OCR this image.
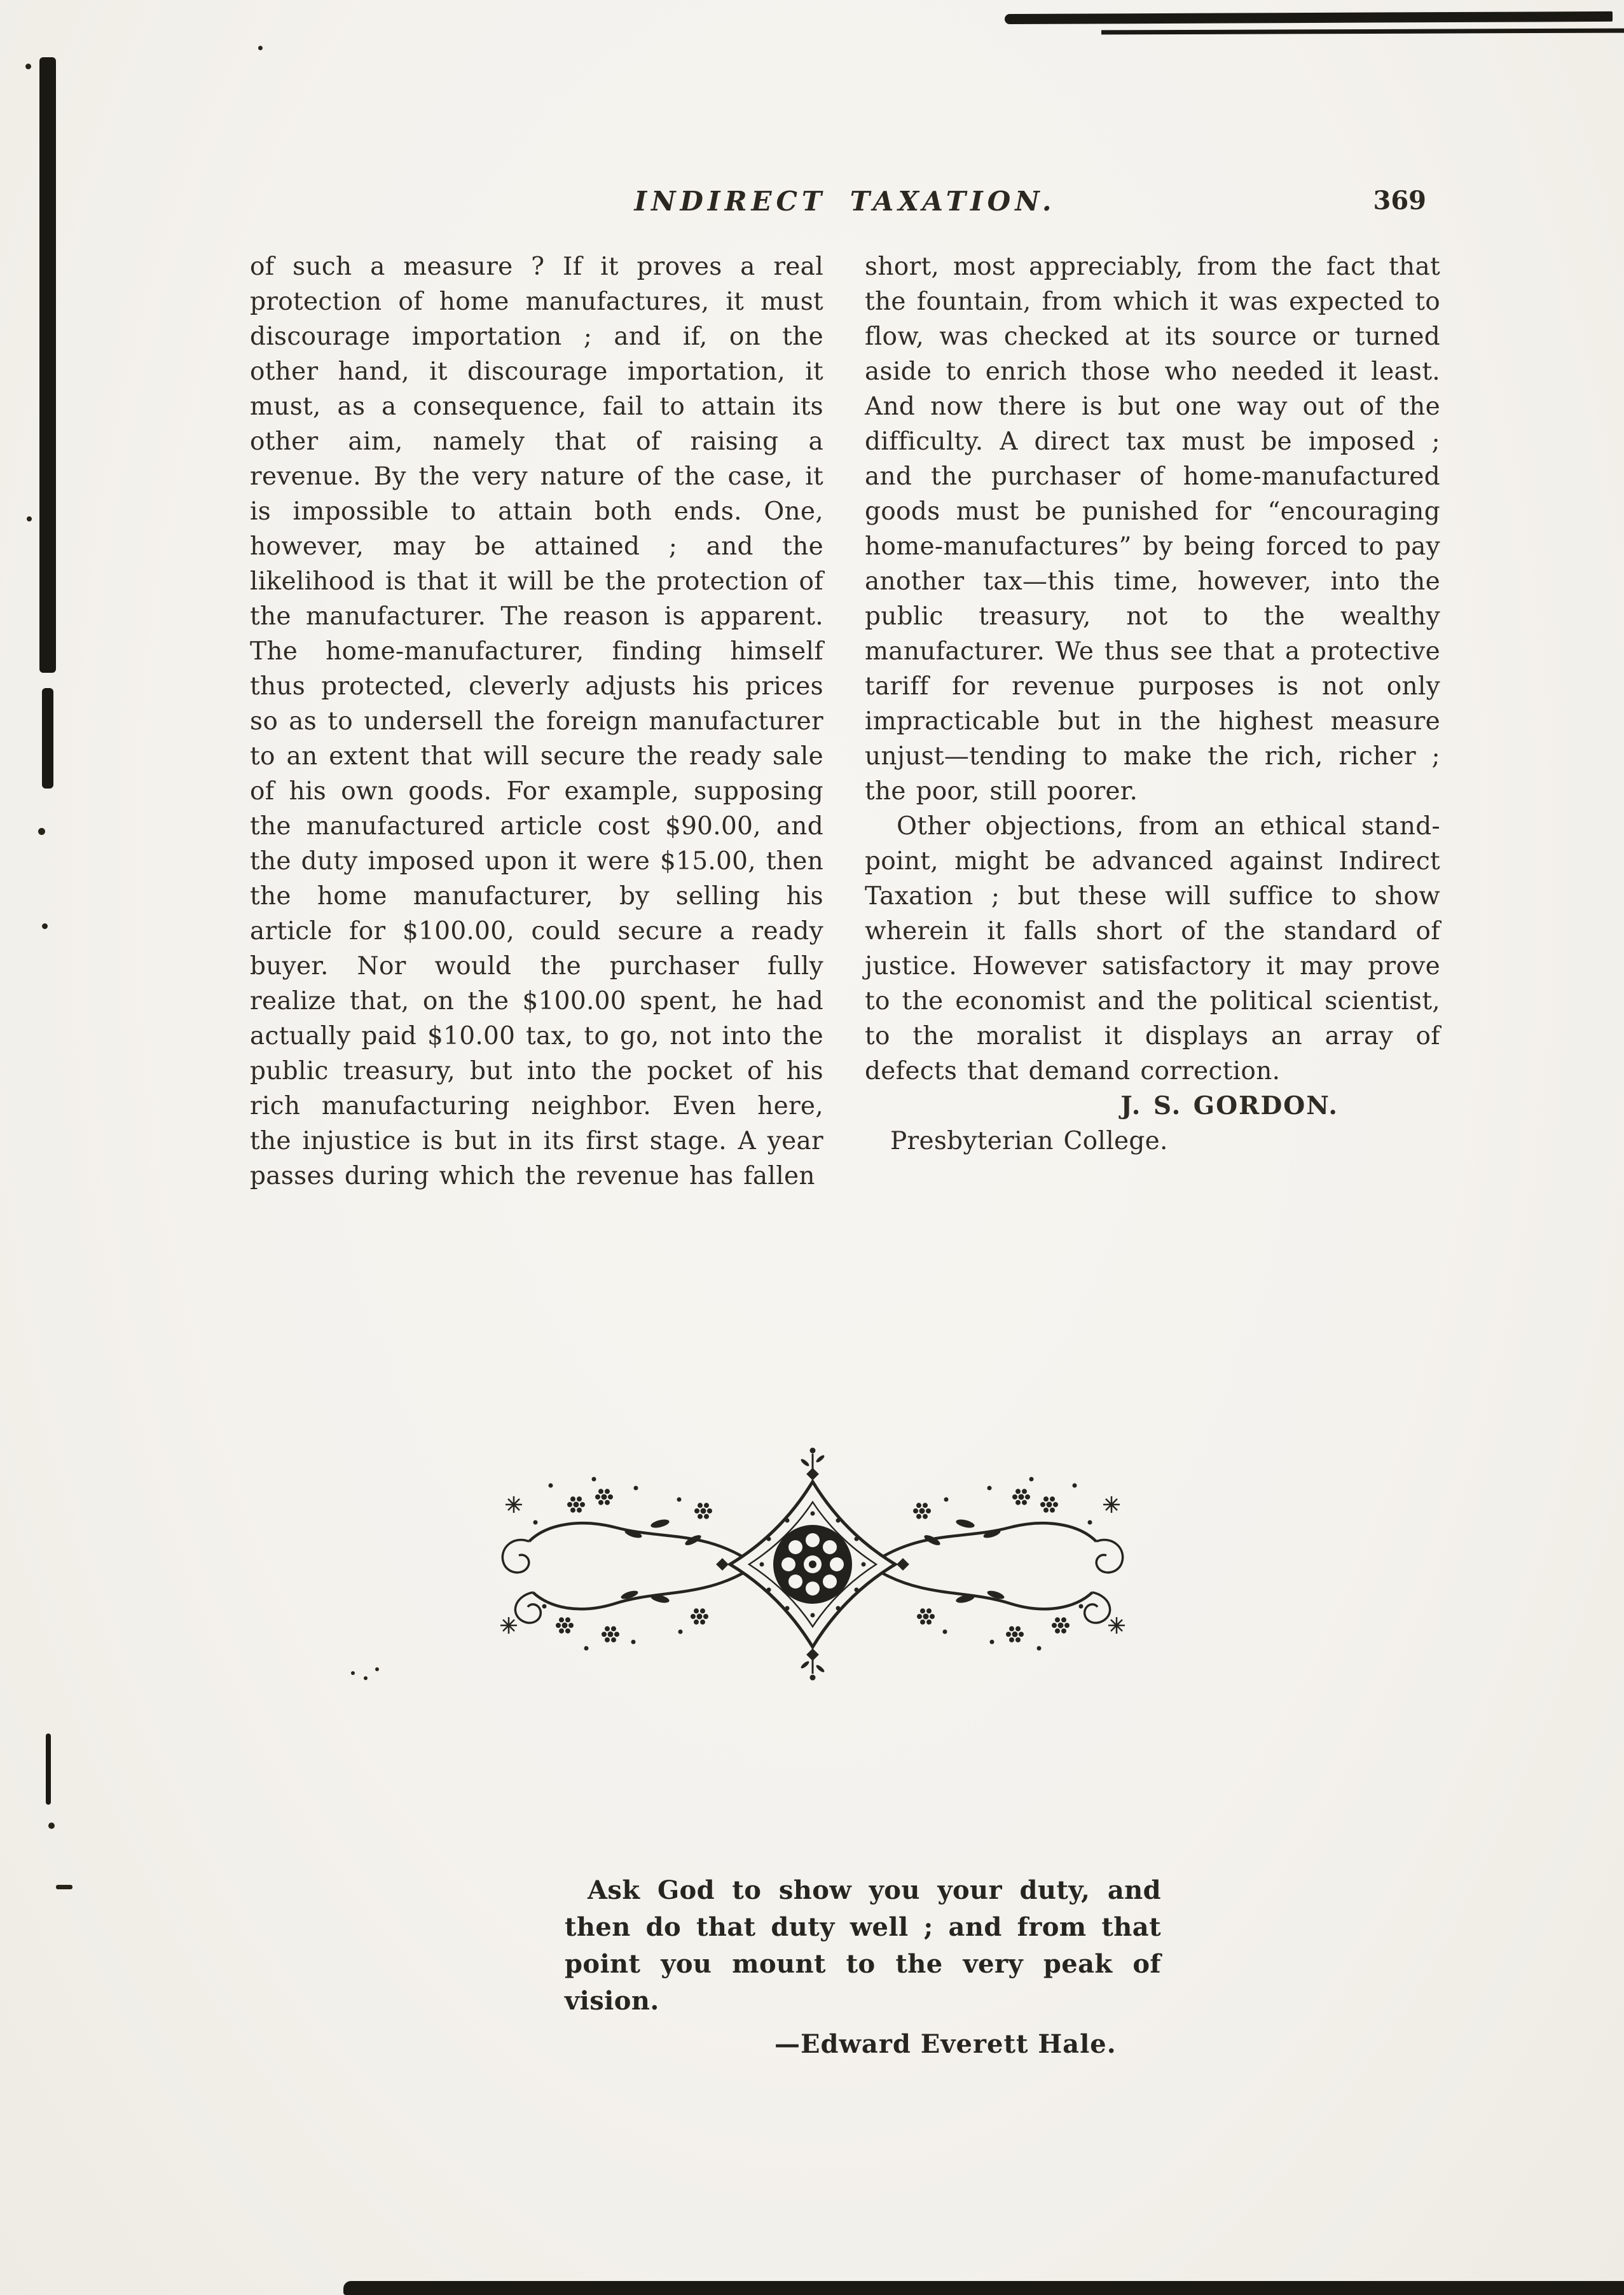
INDIRECT TAXATION.	369

of such a measure ? If it proves a real protection of home manufactures, it must discourage importation ; and if, on the other hand, it discourage importation, it must, as a consequence, fail to attain its other aim, namely that of raising a revenue. By the very nature of the case, it is impossible to attain both ends. One, however, may be attained ; and the likelihood is that it will be the protection of the manufacturer. The reason is apparent. The home-manufacturer, finding himself thus protected, cleverly adjusts his prices so as to undersell the foreign manufacturer to an extent that will secure the ready sale of his own goods. For example, supposing the manufactured article cost $90.00, and the duty imposed upon it were $15.00, then the home manufacturer, by selling his article for $100.00, could secure a ready buyer. Nor would the purchaser fully realize that, on the $100.00 spent, he had actually paid $10.00 tax, to go, not into the public treasury, but into the pocket of his rich manufacturing neighbor. Even here, the injustice is but in its first stage. A year passes during which the revenue has fallen

short, most appreciably, from the fact that the fountain, from which it was expected to flow, was checked at its source or turned aside to enrich those who needed it least. And now there is but one way out of the difficulty. A direct tax must be imposed ; and the purchaser of home-manufactured goods must be punished for “encouraging home-manufactures” by being forced to pay another tax—this time, however, into the public treasury, not to the wealthy manufacturer. We thus see that a protective tariff for revenue purposes is not only impracticable but in the highest measure unjust—tending to make the rich, richer ; the poor, still poorer.

Other objections, from an ethical stand-point, might be advanced against Indirect Taxation ; but these will suffice to show wherein it falls short of the standard of justice. However satisfactory it may prove to the economist and the political scientist, to the moralist it displays an array of defects that demand correction.

J. S. GORDON.

Presbyterian College.

Ask God to show you your duty, and then do that duty well ; and from that point you mount to the very peak of vision.

—Edward Everett Hale.
